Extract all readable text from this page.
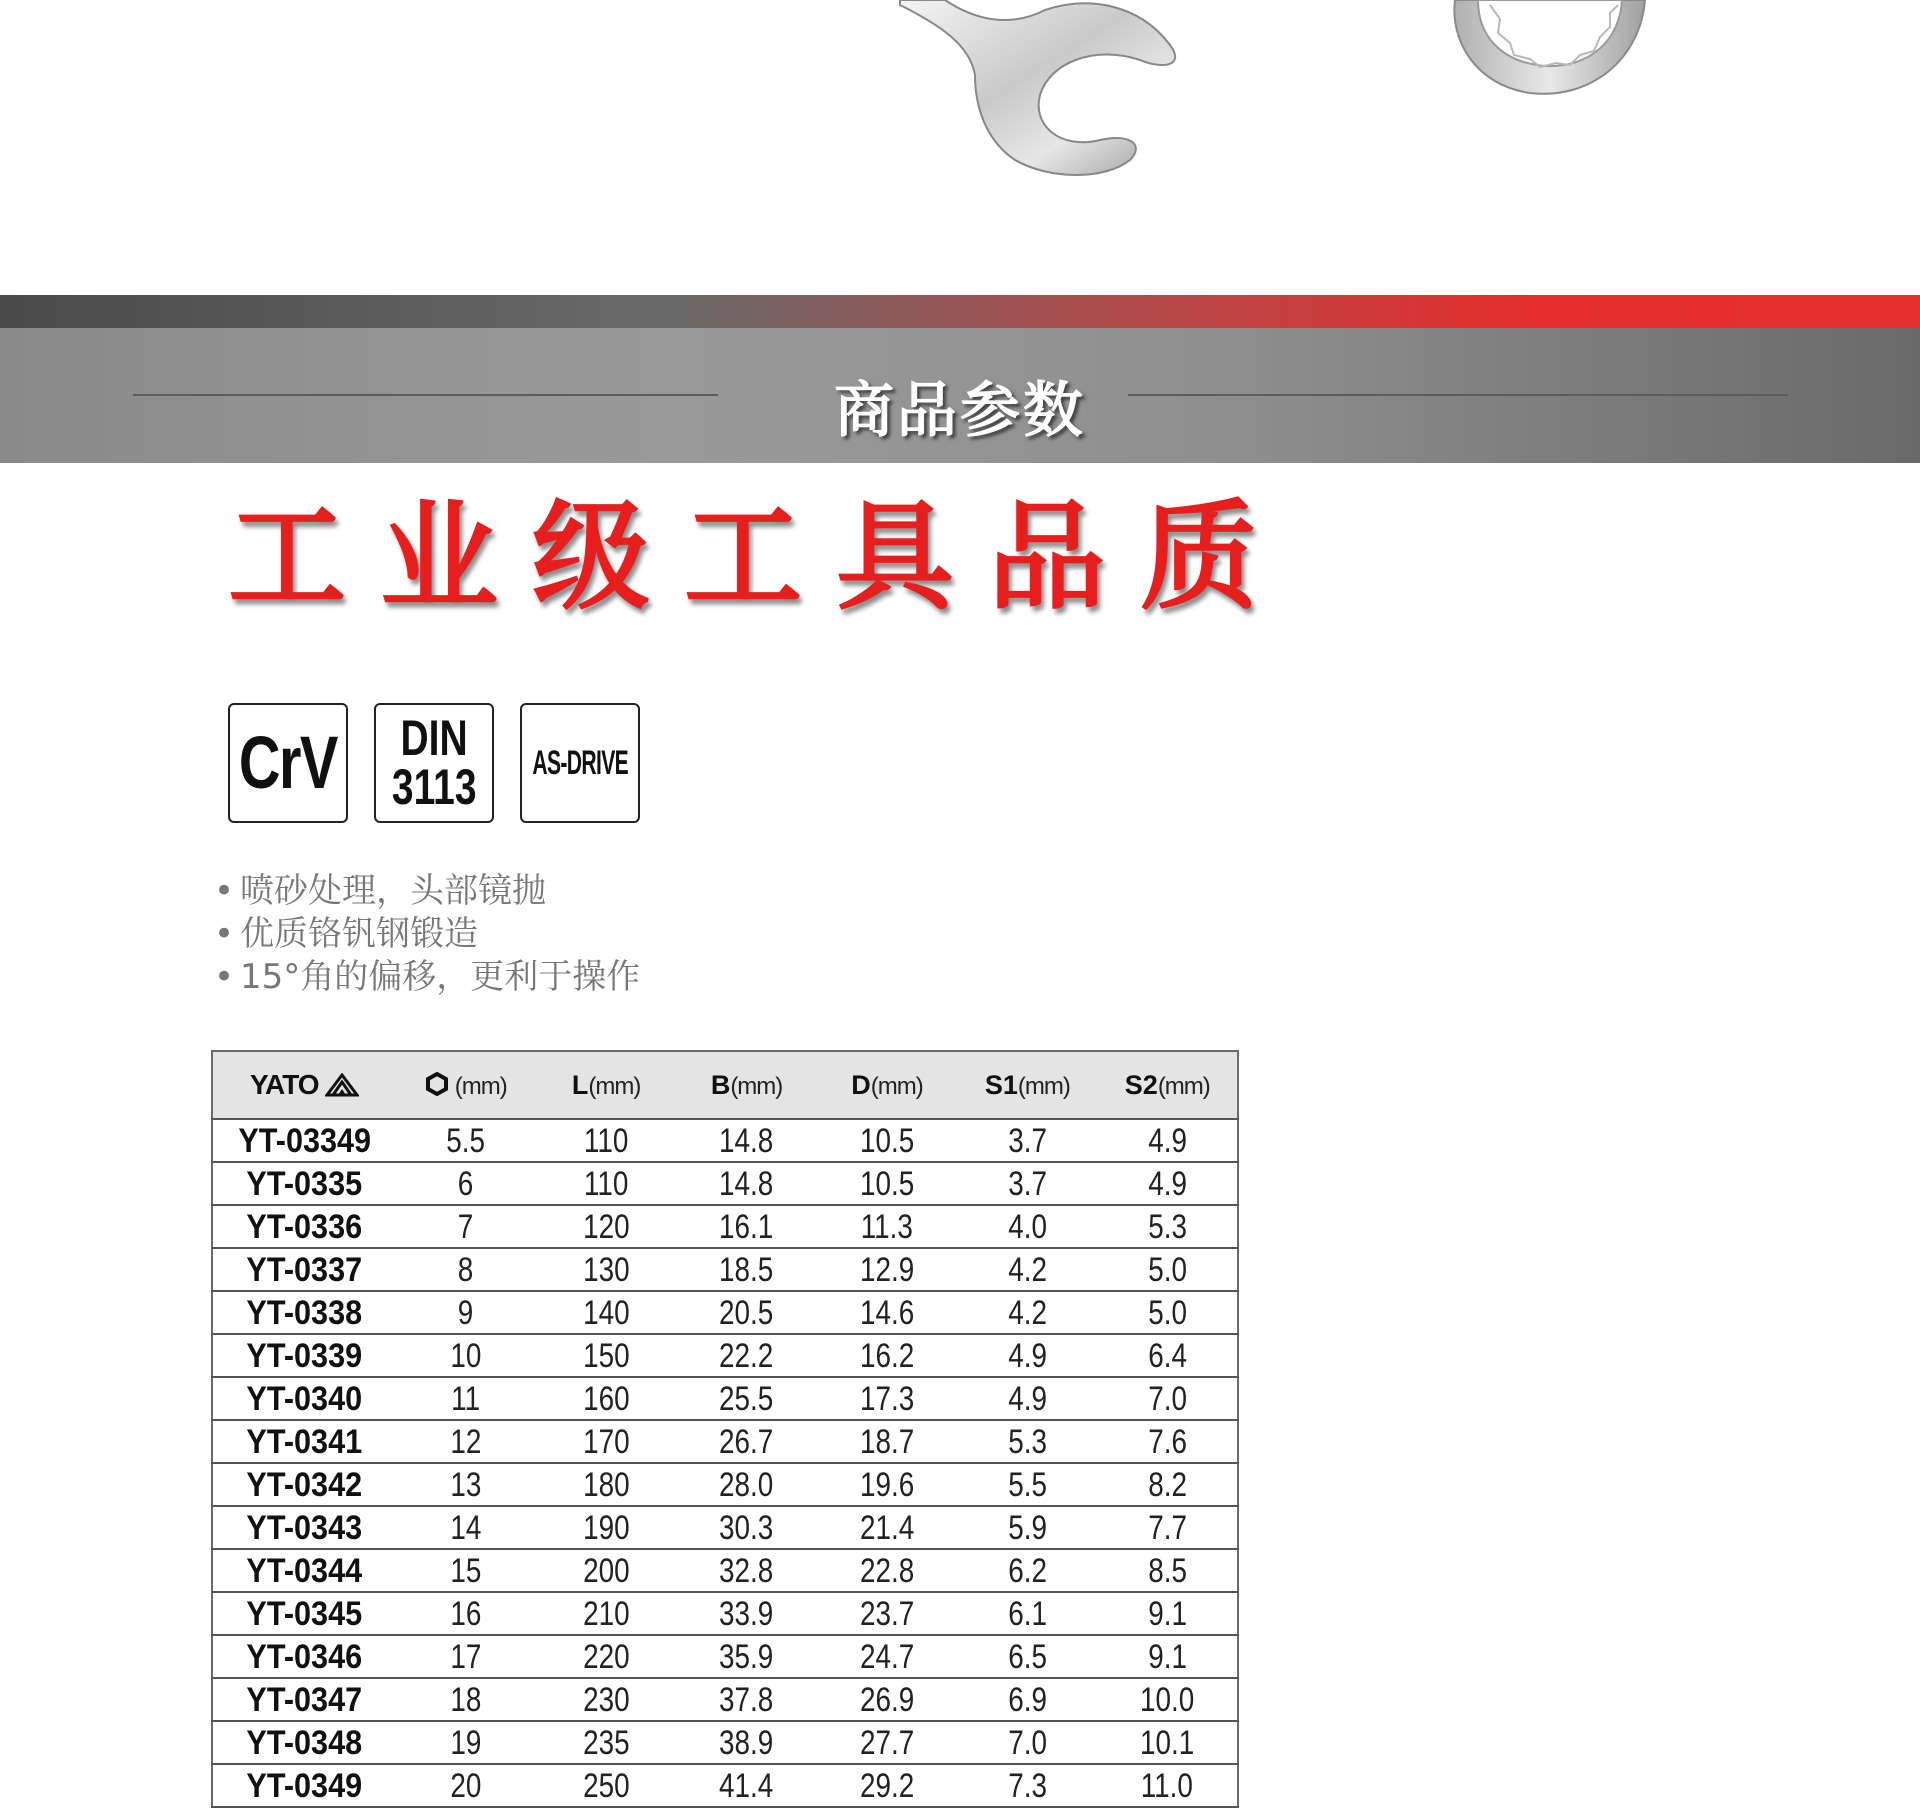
商品参数
工业级工具品质
CrV DIN
3113 AS-DRIVE
• 喷砂处理，头部镜抛
• 优质铬钒钢锻造
• 15°角的偏移，更利于操作
YATO	(mm)	L(mm)	B(mm)	D(mm)	S1(mm)	S2(mm)
YT-03349	5.5	110	14.8	10.5	3.7	4.9
YT-0335	6	110	14.8	10.5	3.7	4.9
YT-0336	7	120	16.1	11.3	4.0	5.3
YT-0337	8	130	18.5	12.9	4.2	5.0
YT-0338	9	140	20.5	14.6	4.2	5.0
YT-0339	10	150	22.2	16.2	4.9	6.4
YT-0340	11	160	25.5	17.3	4.9	7.0
YT-0341	12	170	26.7	18.7	5.3	7.6
YT-0342	13	180	28.0	19.6	5.5	8.2
YT-0343	14	190	30.3	21.4	5.9	7.7
YT-0344	15	200	32.8	22.8	6.2	8.5
YT-0345	16	210	33.9	23.7	6.1	9.1
YT-0346	17	220	35.9	24.7	6.5	9.1
YT-0347	18	230	37.8	26.9	6.9	10.0
YT-0348	19	235	38.9	27.7	7.0	10.1
YT-0349	20	250	41.4	29.2	7.3	11.0
